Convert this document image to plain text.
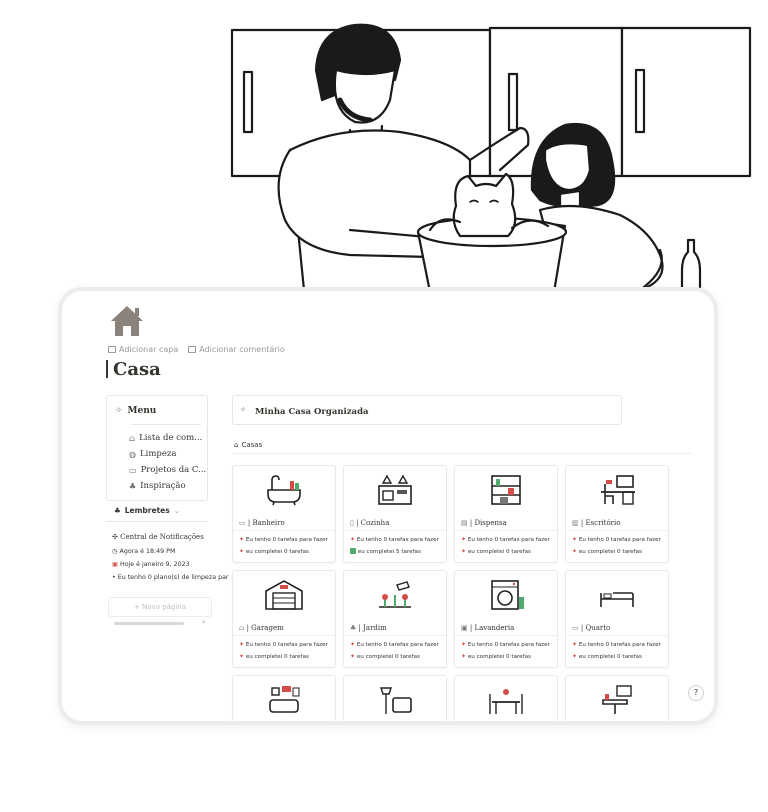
Adicionar capa	Adicionar comentário
Casa
✧ Menu
⌂ Lista de com...
◍ Limpeza
▭ Projetos da C...
♣ Inspiração
♣ Lembretes ⌄
✣ Central de Notificações
◷ Agora é 18:49 PM
▣ Hoje é janeiro 9, 2023
• Eu tenho 0 plano(s) de limpeza par
+ Nova página
›
✧ Minha Casa Organizada
⌂ Casas
▭ | Banheiro
✦ Eu tenho 0 tarefas para fazer
✦ eu completei 0 tarefas
▯ | Cozinha
✦ Eu tenho 0 tarefas para fazer
eu completei 5 tarefas
▤ | Dispensa
✦ Eu tenho 0 tarefas para fazer
✦ eu completei 0 tarefas
▥ | Escritório
✦ Eu tenho 0 tarefas para fazer
✦ eu completei 0 tarefas
⌂ | Garagem
✦ Eu tenho 0 tarefas para fazer
✦ eu completei 0 tarefas
♣ | Jardim
✦ Eu tenho 0 tarefas para fazer
✦ eu completei 0 tarefas
▣ | Lavanderia
✦ Eu tenho 0 tarefas para fazer
✦ eu completei 0 tarefas
▭ | Quarto
✦ Eu tenho 0 tarefas para fazer
✦ eu completei 0 tarefas
?
